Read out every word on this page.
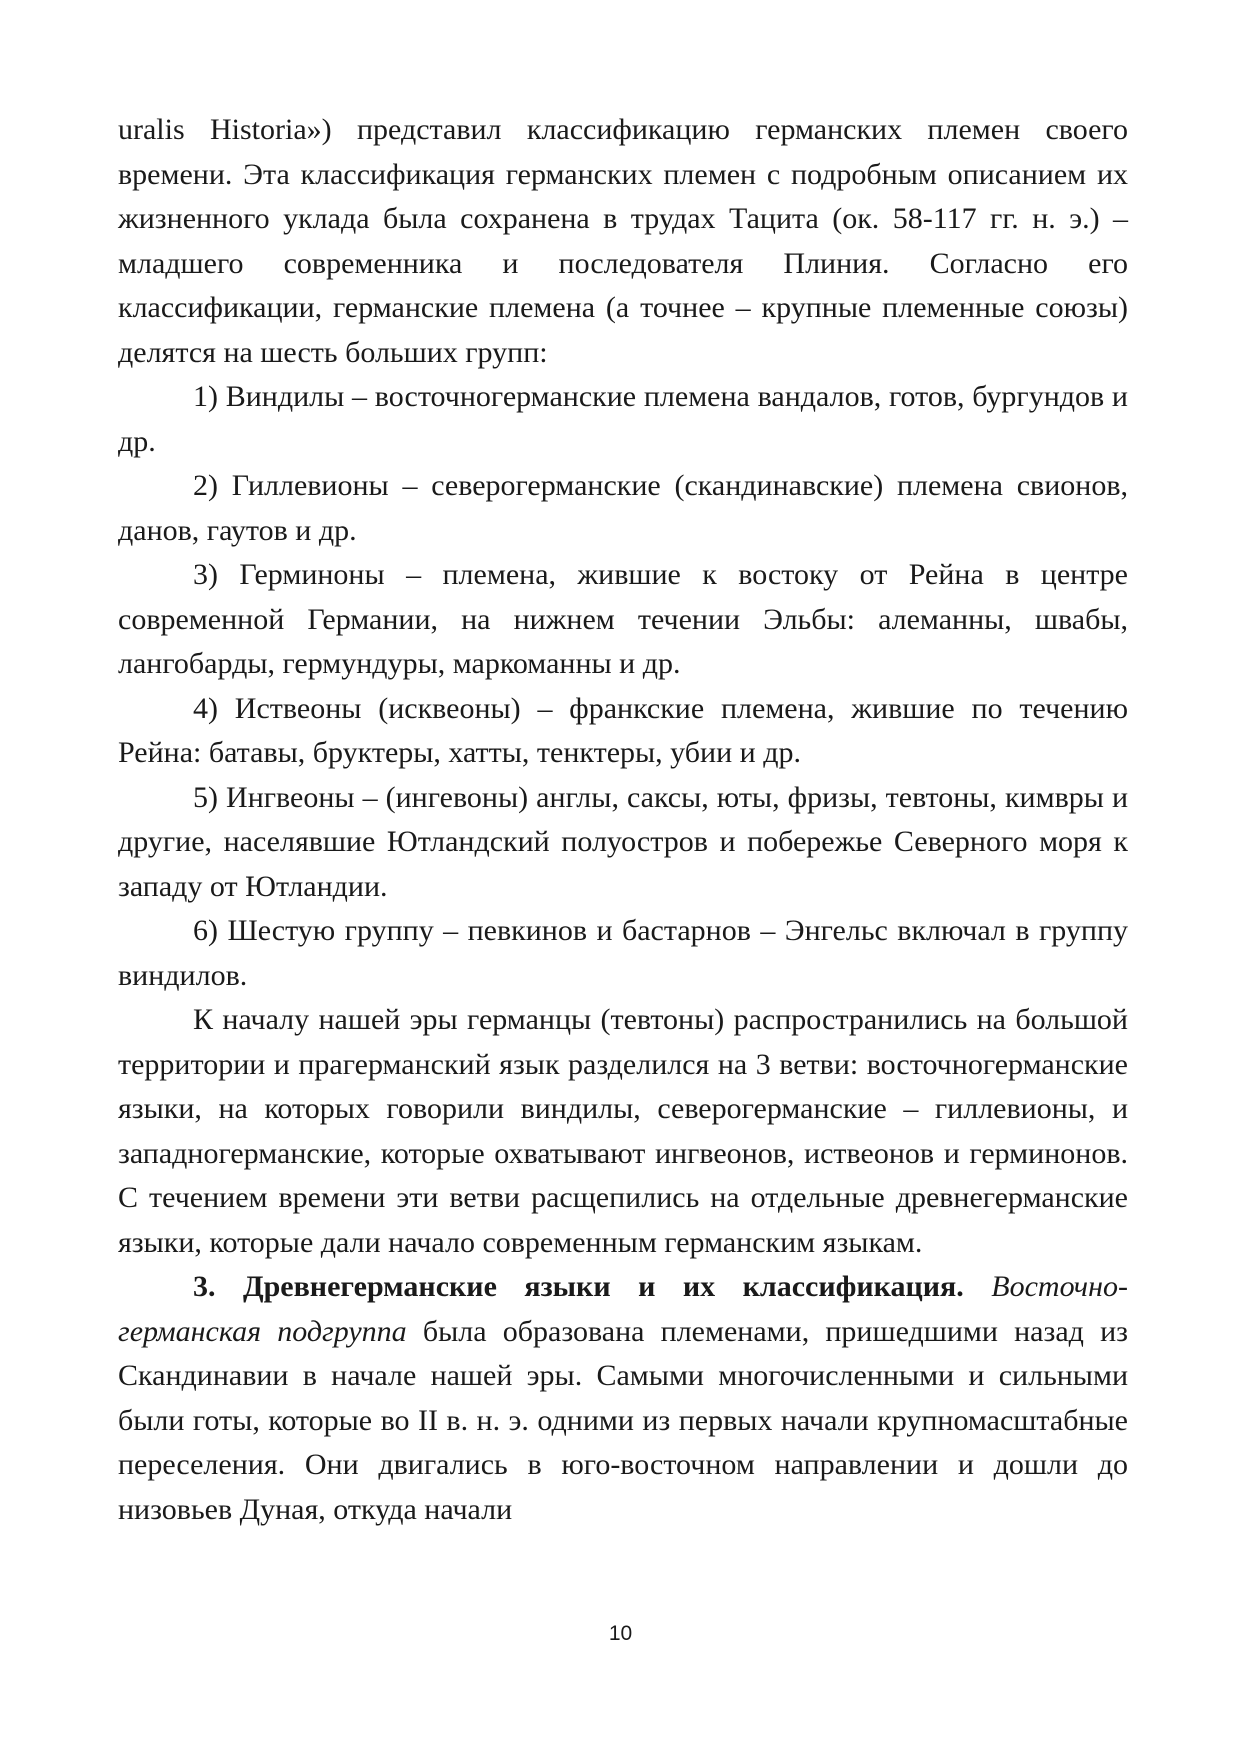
uralis Historia») представил классификацию германских племен своего времени. Эта классификация германских племен с подробным описанием их жизненного уклада была сохранена в трудах Тацита (ок. 58-117 гг. н. э.) – младшего современника и последователя Плиния. Согласно его классификации, германские племена (а точнее – крупные племенные союзы) делятся на шесть больших групп:

1) Виндилы – восточногерманские племена вандалов, готов, бургундов и др.

2) Гиллевионы – северогерманские (скандинавские) племена свионов, данов, гаутов и др.

3) Герминоны – племена, жившие к востоку от Рейна в центре современной Германии, на нижнем течении Эльбы: алеманны, швабы, лангобарды, гермундуры, маркоманны и др.

4) Иствеоны (исквеоны) – франкские племена, жившие по течению Рейна: батавы, бруктеры, хатты, тенктеры, убии и др.

5) Ингвеоны – (ингевоны) англы, саксы, юты, фризы, тевтоны, кимвры и другие, населявшие Ютландский полуостров и побережье Северного моря к западу от Ютландии.

6) Шестую группу – певкинов и бастарнов – Энгельс включал в группу виндилов.

К началу нашей эры германцы (тевтоны) распространились на большой территории и прагерманский язык разделился на 3 ветви: восточногерманские языки, на которых говорили виндилы, северогерманские – гиллевионы, и западногерманские, которые охватывают ингвеонов, иствеонов и герминонов. С течением времени эти ветви расщепились на отдельные древнегерманские языки, которые дали начало современным германским языкам.

3. Древнегерманские языки и их классификация. Восточногерманская подгруппа была образована племенами, пришедшими назад из Скандинавии в начале нашей эры. Самыми многочисленными и сильными были готы, которые во II в. н. э. одними из первых начали крупномасштабные переселения. Они двигались в юго-восточном направлении и дошли до низовьев Дуная, откуда начали

10
